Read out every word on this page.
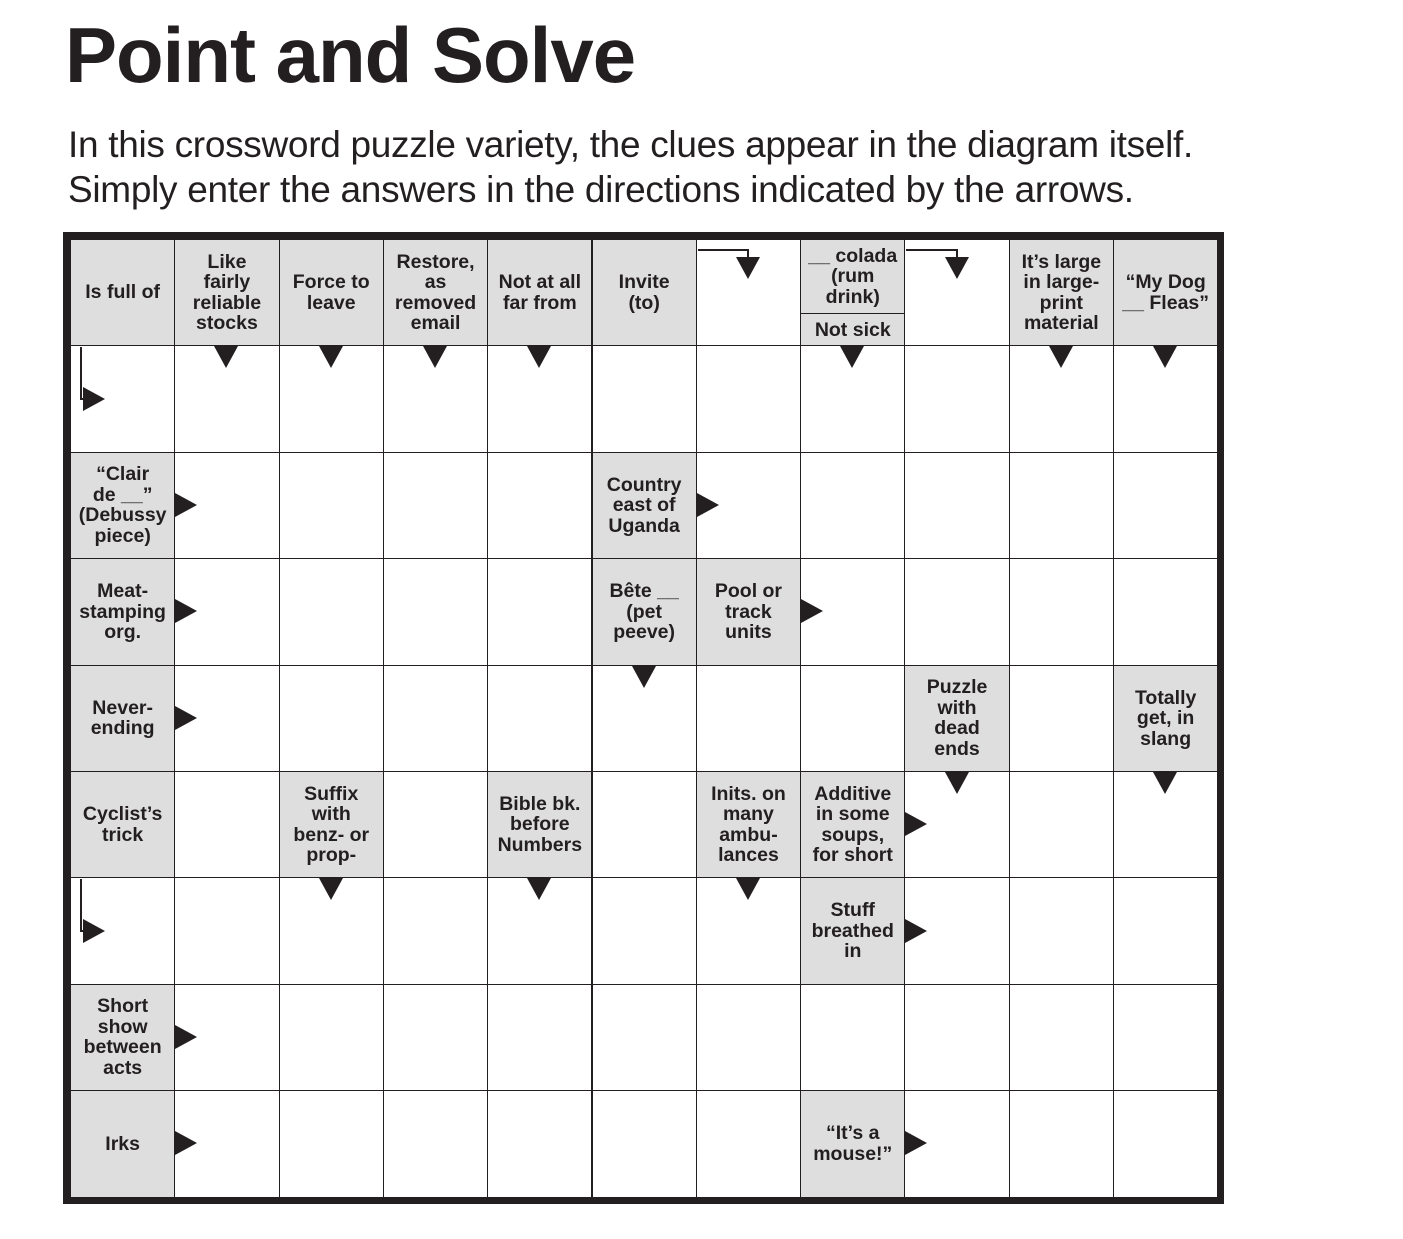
Point and Solve
In this crossword puzzle variety, the clues appear in the diagram itself.
Simply enter the answers in the directions indicated by the arrows.
Is full of
Like
fairly
reliable
stocks
Force to
leave
Restore,
as
removed
email
Not at all
far from
Invite
(to)
__ colada
(rum
drink)
Not sick
It’s large
in large-
print
material
“My Dog
__ Fleas”
“Clair
de __”
(Debussy
piece)
Country
east of
Uganda
Meat-
stamping
org.
Bête __
(pet
peeve)
Pool or
track
units
Never-
ending
Puzzle
with
dead
ends
Totally
get, in
slang
Cyclist’s
trick
Suffix
with
benz- or
prop-
Bible bk.
before
Numbers
Inits. on
many
ambu-
lances
Additive
in some
soups,
for short
Stuff
breathed
in
Short
show
between
acts
Irks	“It’s a
mouse!”
